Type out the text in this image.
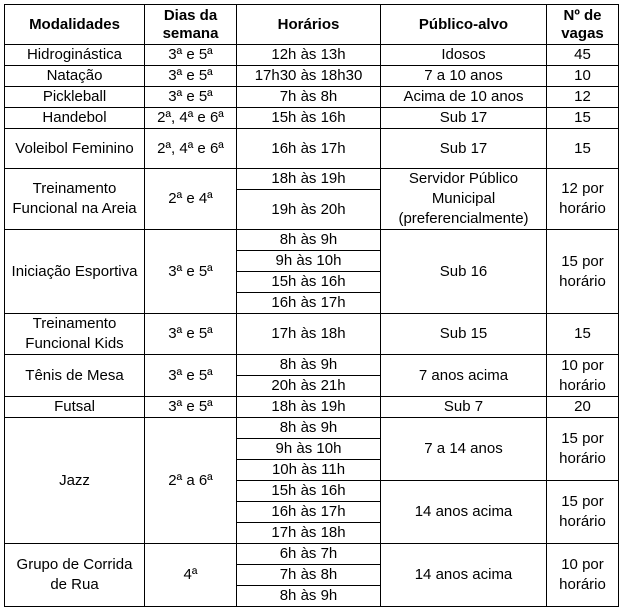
Modalidades	Dias da semana	Horários	Público-alvo	Nº de vagas
Hidroginástica	3ª e 5ª	12h às 13h	Idosos	45
Natação	3ª e 5ª	17h30 às 18h30	7 a 10 anos	10
Pickleball	3ª e 5ª	7h às 8h	Acima de 10 anos	12
Handebol	2ª, 4ª e 6ª	15h às 16h	Sub 17	15
Voleibol Feminino	2ª, 4ª e 6ª	16h às 17h	Sub 17	15
Treinamento Funcional na Areia	2ª e 4ª	18h às 19h	Servidor Público Municipal (preferencialmente)	12 por horário
		19h às 20h		
Iniciação Esportiva	3ª e 5ª	8h às 9h	Sub 16	15 por horário
		9h às 10h		
		15h às 16h		
		16h às 17h		
Treinamento Funcional Kids	3ª e 5ª	17h às 18h	Sub 15	15
Tênis de Mesa	3ª e 5ª	8h às 9h	7 anos acima	10 por horário
		20h às 21h		
Futsal	3ª e 5ª	18h às 19h	Sub 7	20
Jazz	2ª a 6ª	8h às 9h	7 a 14 anos	15 por horário
		9h às 10h		
		10h às 11h		
		15h às 16h	14 anos acima	15 por horário
		16h às 17h		
		17h às 18h		
Grupo de Corrida de Rua	4ª	6h às 7h	14 anos acima	10 por horário
		7h às 8h		
		8h às 9h		
